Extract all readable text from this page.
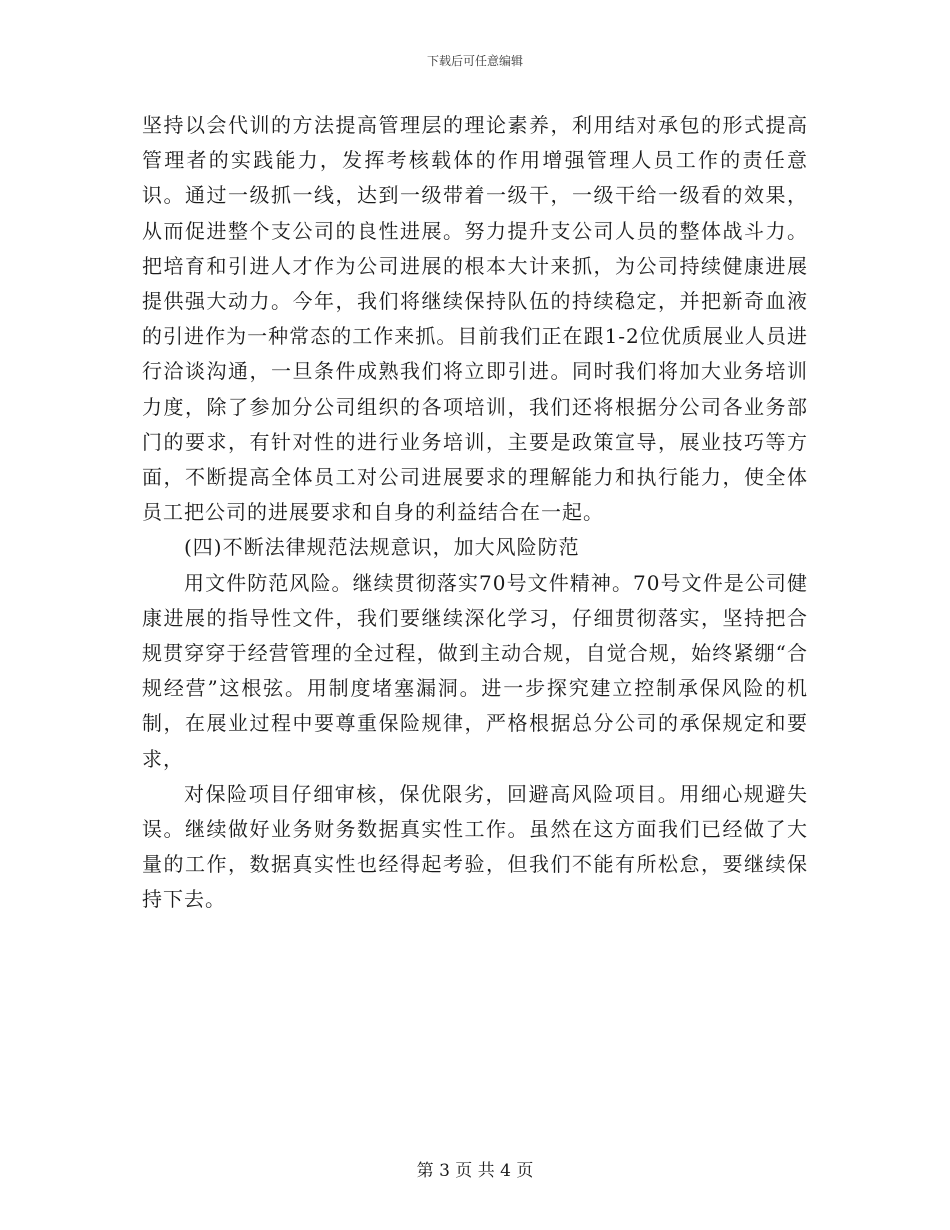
下载后可任意编辑

坚持以会代训的方法提高管理层的理论素养，利用结对承包的形式提高管理者的实践能力，发挥考核载体的作用增强管理人员工作的责任意识。通过一级抓一线，达到一级带着一级干，一级干给一级看的效果，从而促进整个支公司的良性进展。努力提升支公司人员的整体战斗力。把培育和引进人才作为公司进展的根本大计来抓，为公司持续健康进展提供强大动力。今年，我们将继续保持队伍的持续稳定，并把新奇血液的引进作为一种常态的工作来抓。目前我们正在跟1-2位优质展业人员进行洽谈沟通，一旦条件成熟我们将立即引进。同时我们将加大业务培训力度，除了参加分公司组织的各项培训，我们还将根据分公司各业务部门的要求，有针对性的进行业务培训，主要是政策宣导，展业技巧等方面，不断提高全体员工对公司进展要求的理解能力和执行能力，使全体员工把公司的进展要求和自身的利益结合在一起。

(四)不断法律规范法规意识，加大风险防范

用文件防范风险。继续贯彻落实70号文件精神。70号文件是公司健康进展的指导性文件，我们要继续深化学习，仔细贯彻落实，坚持把合规贯穿穿于经营管理的全过程，做到主动合规，自觉合规，始终紧绷“合规经营”这根弦。用制度堵塞漏洞。进一步探究建立控制承保风险的机制，在展业过程中要尊重保险规律，严格根据总分公司的承保规定和要求，

对保险项目仔细审核，保优限劣，回避高风险项目。用细心规避失误。继续做好业务财务数据真实性工作。虽然在这方面我们已经做了大量的工作，数据真实性也经得起考验，但我们不能有所松怠，要继续保持下去。

第 3 页 共 4 页
